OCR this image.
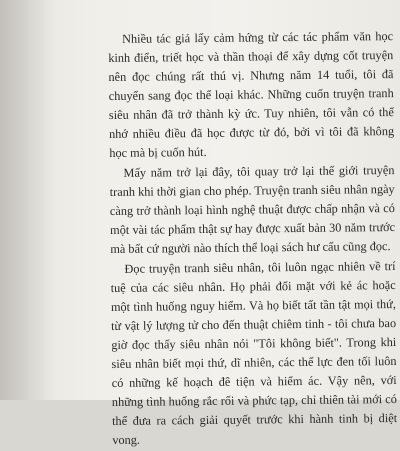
Nhiều tác giả lấy cảm hứng từ các tác phẩm văn học kinh điển, triết học và thần thoại để xây dựng cốt truyện nên đọc chúng rất thú vị. Nhưng năm 14 tuổi, tôi đã chuyển sang đọc thể loại khác. Những cuốn truyện tranh siêu nhân đã trở thành kỳ ức. Tuy nhiên, tôi vẫn có thể nhớ nhiều điều đã học được từ đó, bởi vì tôi đã không học mà bị cuốn hút.

Mấy năm trở lại đây, tôi quay trở lại thế giới truyện tranh khi thời gian cho phép. Truyện tranh siêu nhân ngày càng trở thành loại hình nghệ thuật được chấp nhận và có một vài tác phẩm thật sự hay được xuất bản 30 năm trước mà bất cứ người nào thích thể loại sách hư cấu cũng đọc.

Đọc truyện tranh siêu nhân, tôi luôn ngạc nhiên về trí tuệ của các siêu nhân. Họ phải đối mặt với kẻ ác hoặc một tình huống nguy hiểm. Và họ biết tất tần tật mọi thứ, từ vật lý lượng tử cho đến thuật chiêm tinh - tôi chưa bao giờ đọc thấy siêu nhân nói "Tôi không biết". Trong khi siêu nhân biết mọi thứ, dĩ nhiên, các thế lực đen tối luôn có những kế hoạch đê tiện và hiểm ác. Vậy nên, với những tình huống rắc rối và phức tạp, chỉ thiên tài mới có thể đưa ra cách giải quyết trước khi hành tinh bị diệt vong.
